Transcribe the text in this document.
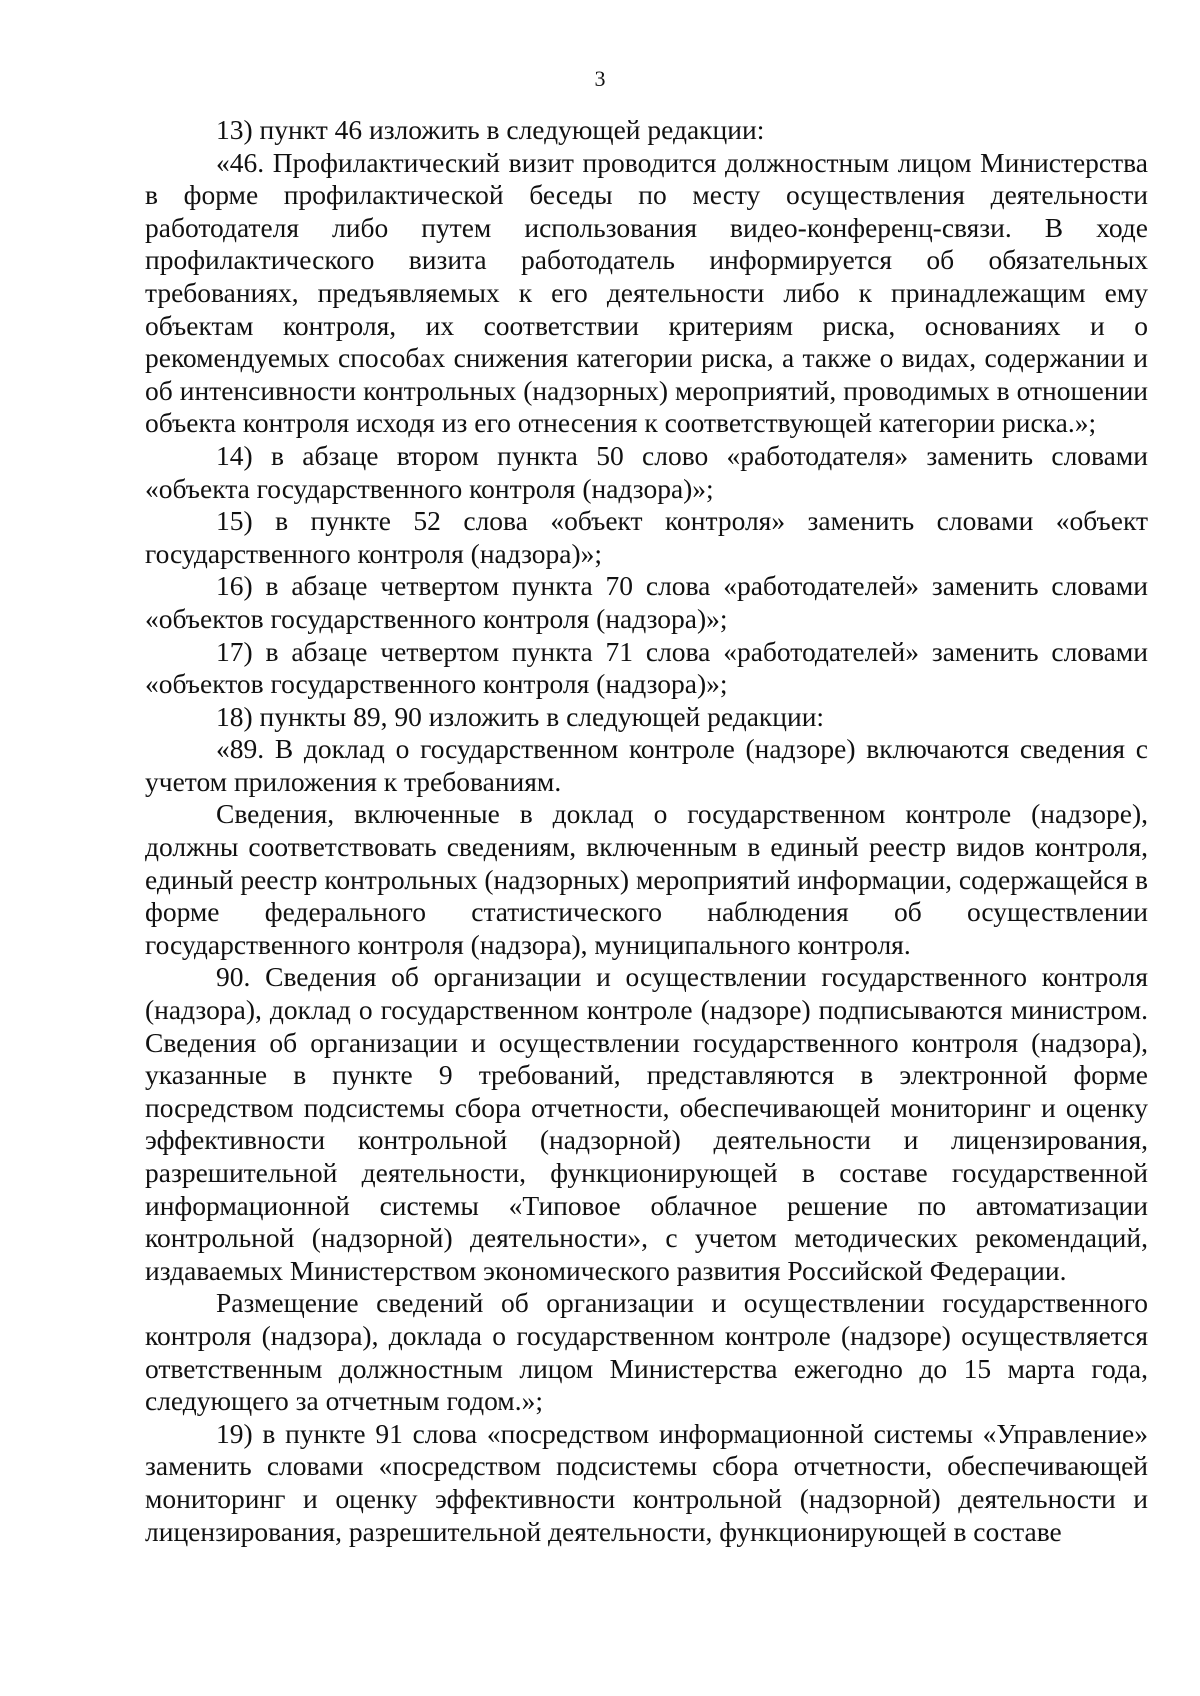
3

13) пункт 46 изложить в следующей редакции:

«46. Профилактический визит проводится должностным лицом Министерства в форме профилактической беседы по месту осуществления деятельности работодателя либо путем использования видео-конференц-связи. В ходе профилактического визита работодатель информируется об обязательных требованиях, предъявляемых к его деятельности либо к принадлежащим ему объектам контроля, их соответствии критериям риска, основаниях и о рекомендуемых способах снижения категории риска, а также о видах, содержании и об интенсивности контрольных (надзорных) мероприятий, проводимых в отношении объекта контроля исходя из его отнесения к соответствующей категории риска.»;

14) в абзаце втором пункта 50 слово «работодателя» заменить словами «объекта государственного контроля (надзора)»;

15) в пункте 52 слова «объект контроля» заменить словами «объект государственного контроля (надзора)»;

16) в абзаце четвертом пункта 70 слова «работодателей» заменить словами «объектов государственного контроля (надзора)»;

17) в абзаце четвертом пункта 71 слова «работодателей» заменить словами «объектов государственного контроля (надзора)»;

18) пункты 89, 90 изложить в следующей редакции:

«89. В доклад о государственном контроле (надзоре) включаются сведения с учетом приложения к требованиям.

Сведения, включенные в доклад о государственном контроле (надзоре), должны соответствовать сведениям, включенным в единый реестр видов контроля, единый реестр контрольных (надзорных) мероприятий информации, содержащейся в форме федерального статистического наблюдения об осуществлении государственного контроля (надзора), муниципального контроля.

90. Сведения об организации и осуществлении государственного контроля (надзора), доклад о государственном контроле (надзоре) подписываются министром. Сведения об организации и осуществлении государственного контроля (надзора), указанные в пункте 9 требований, представляются в электронной форме посредством подсистемы сбора отчетности, обеспечивающей мониторинг и оценку эффективности контрольной (надзорной) деятельности и лицензирования, разрешительной деятельности, функционирующей в составе государственной информационной системы «Типовое облачное решение по автоматизации контрольной (надзорной) деятельности», с учетом методических рекомендаций, издаваемых Министерством экономического развития Российской Федерации.

Размещение сведений об организации и осуществлении государственного контроля (надзора), доклада о государственном контроле (надзоре) осуществляется ответственным должностным лицом Министерства ежегодно до 15 марта года, следующего за отчетным годом.»;

19) в пункте 91 слова «посредством информационной системы «Управление» заменить словами «посредством подсистемы сбора отчетности, обеспечивающей мониторинг и оценку эффективности контрольной (надзорной) деятельности и лицензирования, разрешительной деятельности, функционирующей в составе
